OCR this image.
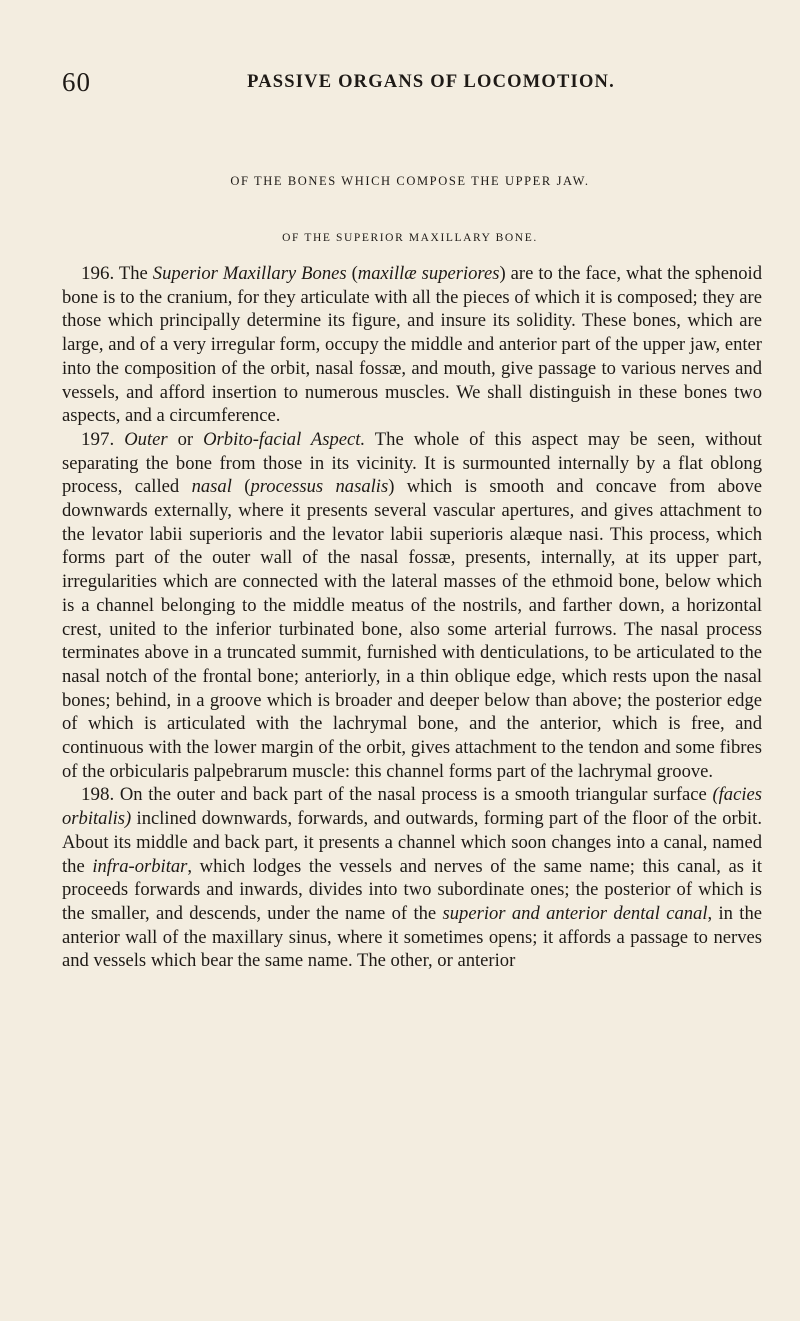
60	PASSIVE ORGANS OF LOCOMOTION.
OF THE BONES WHICH COMPOSE THE UPPER JAW.
OF THE SUPERIOR MAXILLARY BONE.

196. The Superior Maxillary Bones (maxillæ superiores) are to the face, what the sphenoid bone is to the cranium, for they articulate with all the pieces of which it is composed; they are those which principally determine its figure, and insure its solidity. These bones, which are large, and of a very irregular form, occupy the middle and anterior part of the upper jaw, enter into the composition of the orbit, nasal fossæ, and mouth, give passage to various nerves and vessels, and afford insertion to numerous muscles. We shall distinguish in these bones two aspects, and a circumference.

197. Outer or Orbito-facial Aspect. The whole of this aspect may be seen, without separating the bone from those in its vicinity. It is surmounted internally by a flat oblong process, called nasal (processus nasalis) which is smooth and concave from above downwards externally, where it presents several vascular apertures, and gives attachment to the levator labii superioris and the levator labii superioris alæque nasi. This process, which forms part of the outer wall of the nasal fossæ, presents, internally, at its upper part, irregularities which are connected with the lateral masses of the ethmoid bone, below which is a channel belonging to the middle meatus of the nostrils, and farther down, a horizontal crest, united to the inferior turbinated bone, also some arterial furrows. The nasal process terminates above in a truncated summit, furnished with denticulations, to be articulated to the nasal notch of the frontal bone; anteriorly, in a thin oblique edge, which rests upon the nasal bones; behind, in a groove which is broader and deeper below than above; the posterior edge of which is articulated with the lachrymal bone, and the anterior, which is free, and continuous with the lower margin of the orbit, gives attachment to the tendon and some fibres of the orbicularis palpebrarum muscle: this channel forms part of the lachrymal groove.

198. On the outer and back part of the nasal process is a smooth triangular surface (facies orbitalis) inclined downwards, forwards, and outwards, forming part of the floor of the orbit. About its middle and back part, it presents a channel which soon changes into a canal, named the infra-orbitar, which lodges the vessels and nerves of the same name; this canal, as it proceeds forwards and inwards, divides into two subordinate ones; the posterior of which is the smaller, and descends, under the name of the superior and anterior dental canal, in the anterior wall of the maxillary sinus, where it sometimes opens; it affords a passage to nerves and vessels which bear the same name. The other, or anterior
